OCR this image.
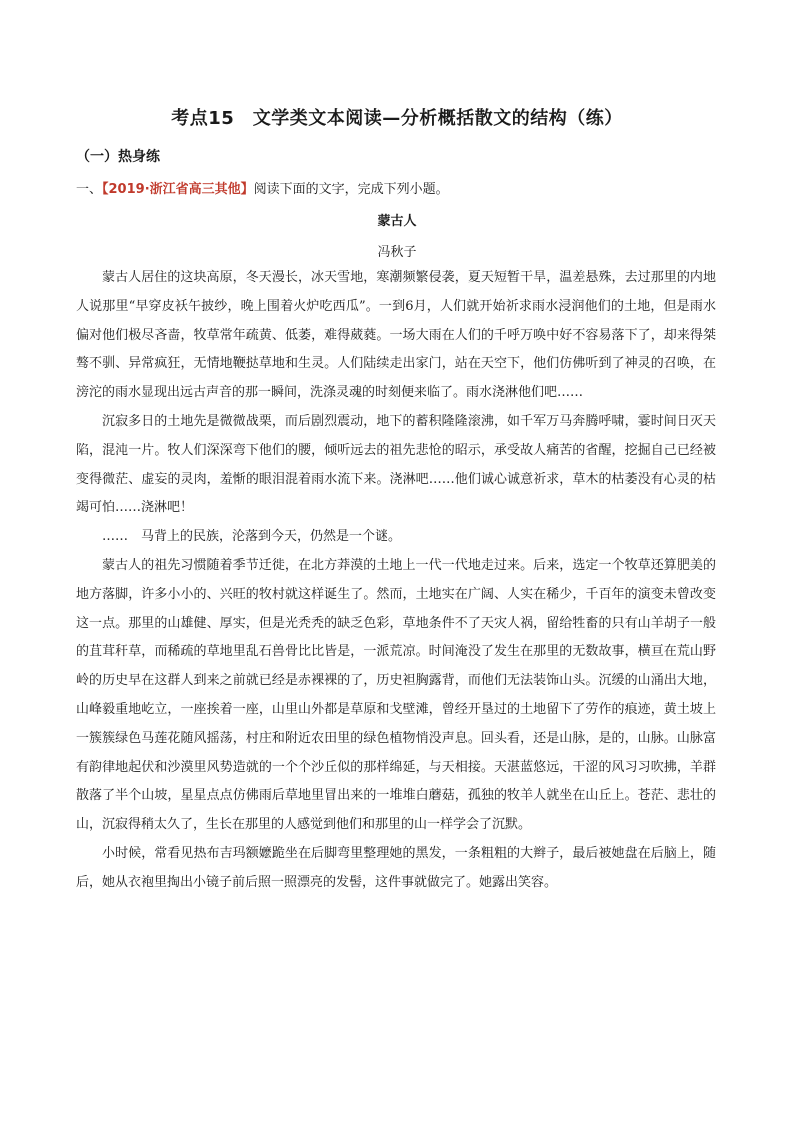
考点15　文学类文本阅读—分析概括散文的结构（练）
（一）热身练
一、【2019·浙江省高三其他】阅读下面的文字，完成下列小题。
蒙古人
冯秋子

蒙古人居住的这块高原，冬天漫长，冰天雪地，寒潮频繁侵袭，夏天短暂干旱，温差悬殊，去过那里的内地人说那里“早穿皮袄午披纱，晚上围着火炉吃西瓜”。一到6月，人们就开始祈求雨水浸润他们的土地，但是雨水偏对他们极尽吝啬，牧草常年疏黄、低萎，难得葳蕤。一场大雨在人们的千呼万唤中好不容易落下了，却来得桀骜不驯、异常疯狂，无情地鞭挞草地和生灵。人们陆续走出家门，站在天空下，他们仿佛听到了神灵的召唤，在滂沱的雨水显现出远古声音的那一瞬间，洗涤灵魂的时刻便来临了。雨水浇淋他们吧……

沉寂多日的土地先是微微战栗，而后剧烈震动，地下的蓄积隆隆滚沸，如千军万马奔腾呼啸，霎时间日灭天陷，混沌一片。牧人们深深弯下他们的腰，倾听远去的祖先悲怆的昭示，承受故人痛苦的省醒，挖掘自己已经被变得微茫、虚妄的灵肉，羞惭的眼泪混着雨水流下来。浇淋吧……他们诚心诚意祈求，草木的枯萎没有心灵的枯竭可怕……浇淋吧！

……　马背上的民族，沦落到今天，仍然是一个谜。

蒙古人的祖先习惯随着季节迁徙，在北方莽漠的土地上一代一代地走过来。后来，选定一个牧草还算肥美的地方落脚，许多小小的、兴旺的牧村就这样诞生了。然而，土地实在广阔、人实在稀少，千百年的演变未曾改变这一点。那里的山雄健、厚实，但是光秃秃的缺乏色彩，草地条件不了天灾人祸，留给牲畜的只有山羊胡子一般的苴茸秆草，而稀疏的草地里乱石兽骨比比皆是，一派荒凉。时间淹没了发生在那里的无数故事，横亘在荒山野岭的历史早在这群人到来之前就已经是赤裸裸的了，历史袒胸露背，而他们无法装饰山头。沉缓的山涌出大地，山峰毅重地屹立，一座挨着一座，山里山外都是草原和戈壁滩，曾经开垦过的土地留下了劳作的痕迹，黄土坡上一簇簇绿色马莲花随风摇荡，村庄和附近农田里的绿色植物悄没声息。回头看，还是山脉，是的，山脉。山脉富有韵律地起伏和沙漠里风势造就的一个个沙丘似的那样绵延，与天相接。天湛蓝悠远，干涩的风习习吹拂，羊群散落了半个山坡，星星点点仿佛雨后草地里冒出来的一堆堆白蘑菇，孤独的牧羊人就坐在山丘上。苍茫、悲壮的山，沉寂得稍太久了，生长在那里的人感觉到他们和那里的山一样学会了沉默。

小时候，常看见热布吉玛额嬷跪坐在后脚弯里整理她的黑发，一条粗粗的大辫子，最后被她盘在后脑上，随后，她从衣袍里掏出小镜子前后照一照漂亮的发髻，这件事就做完了。她露出笑容。
